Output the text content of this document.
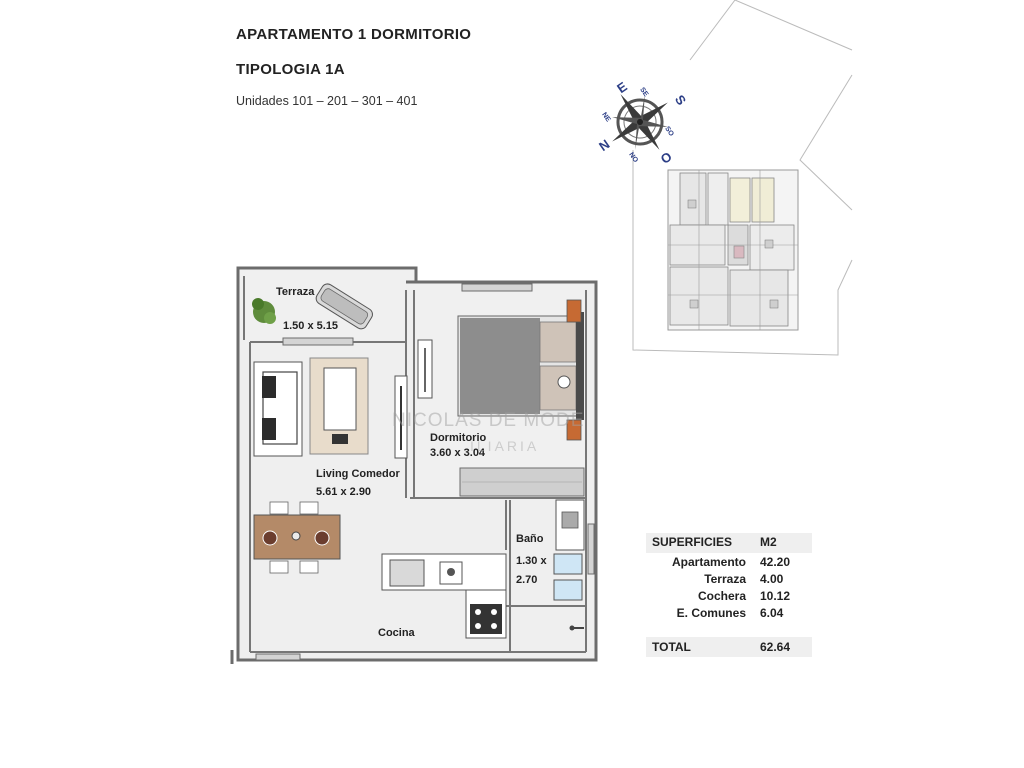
APARTAMENTO 1 DORMITORIO
TIPOLOGIA 1A
Unidades 101 – 201 – 301 – 401
N
O
E
S
SE
SO
NO
NE
Terraza
1.50 x 5.15
Living Comedor
5.61 x 2.90
Dormitorio
3.60 x 3.04
Baño
1.30 x
2.70
Cocina
NICOLAS DE MODE
ILIARIA
SUPERFICIES M2
Apartamento 42.20
Terraza 4.00
Cochera 10.12
E. Comunes 6.04
TOTAL	62.64
